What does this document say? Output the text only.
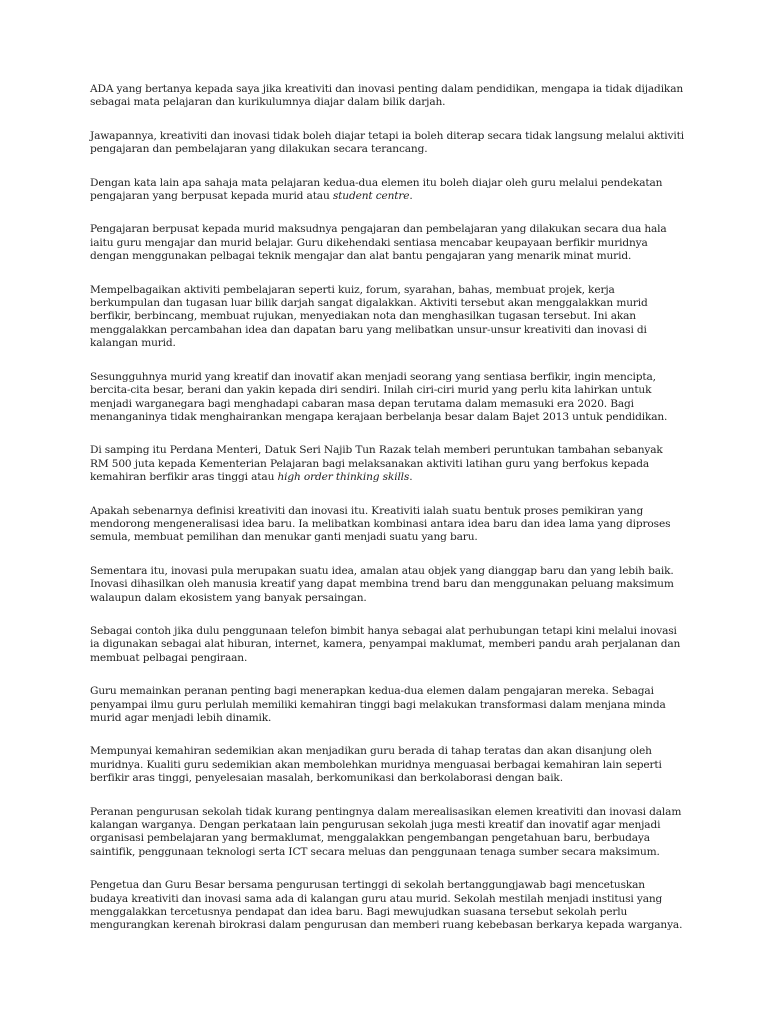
ADA yang bertanya kepada saya jika kreativiti dan inovasi penting dalam pendidikan, mengapa ia tidak dijadikan sebagai mata pelajaran dan kurikulumnya diajar dalam bilik darjah.

Jawapannya, kreativiti dan inovasi tidak boleh diajar tetapi ia boleh diterap secara tidak langsung melalui aktiviti pengajaran dan pembelajaran yang dilakukan secara terancang.

Dengan kata lain apa sahaja mata pelajaran kedua-dua elemen itu boleh diajar oleh guru melalui pendekatan pengajaran yang berpusat kepada murid atau student centre.

Pengajaran berpusat kepada murid maksudnya pengajaran dan pembelajaran yang dilakukan secara dua hala iaitu guru mengajar dan murid belajar. Guru dikehendaki sentiasa mencabar keupayaan berfikir muridnya dengan menggunakan pelbagai teknik mengajar dan alat bantu pengajaran yang menarik minat murid.

Mempelbagaikan aktiviti pembelajaran seperti kuiz, forum, syarahan, bahas, membuat projek, kerja berkumpulan dan tugasan luar bilik darjah sangat digalakkan. Aktiviti tersebut akan menggalakkan murid berfikir, berbincang, membuat rujukan, menyediakan nota dan menghasilkan tugasan tersebut. Ini akan menggalakkan percambahan idea dan dapatan baru yang melibatkan unsur-unsur kreativiti dan inovasi di kalangan murid.

Sesungguhnya murid yang kreatif dan inovatif akan menjadi seorang yang sentiasa berfikir, ingin mencipta, bercita-cita besar, berani dan yakin kepada diri sendiri. Inilah ciri-ciri murid yang perlu kita lahirkan untuk menjadi warganegara bagi menghadapi cabaran masa depan terutama dalam memasuki era 2020. Bagi menanganinya tidak menghairankan mengapa kerajaan berbelanja besar dalam Bajet 2013 untuk pendidikan.

Di samping itu Perdana Menteri, Datuk Seri Najib Tun Razak telah memberi peruntukan tambahan sebanyak RM 500 juta kepada Kementerian Pelajaran bagi melaksanakan aktiviti latihan guru yang berfokus kepada kemahiran berfikir aras tinggi atau high order thinking skills.

Apakah sebenarnya definisi kreativiti dan inovasi itu. Kreativiti ialah suatu bentuk proses pemikiran yang mendorong mengeneralisasi idea baru. Ia melibatkan kombinasi antara idea baru dan idea lama yang diproses semula, membuat pemilihan dan menukar ganti menjadi suatu yang baru.

Sementara itu, inovasi pula merupakan suatu idea, amalan atau objek yang dianggap baru dan yang lebih baik. Inovasi dihasilkan oleh manusia kreatif yang dapat membina trend baru dan menggunakan peluang maksimum walaupun dalam ekosistem yang banyak persaingan.

Sebagai contoh jika dulu penggunaan telefon bimbit hanya sebagai alat perhubungan tetapi kini melalui inovasi ia digunakan sebagai alat hiburan, internet, kamera, penyampai maklumat, memberi pandu arah perjalanan dan membuat pelbagai pengiraan.

Guru memainkan peranan penting bagi menerapkan kedua-dua elemen dalam pengajaran mereka. Sebagai penyampai ilmu guru perlulah memiliki kemahiran tinggi bagi melakukan transformasi dalam menjana minda murid agar menjadi lebih dinamik.

Mempunyai kemahiran sedemikian akan menjadikan guru berada di tahap teratas dan akan disanjung oleh muridnya. Kualiti guru sedemikian akan membolehkan muridnya menguasai berbagai kemahiran lain seperti berfikir aras tinggi, penyelesaian masalah, berkomunikasi dan berkolaborasi dengan baik.

Peranan pengurusan sekolah tidak kurang pentingnya dalam merealisasikan elemen kreativiti dan inovasi dalam kalangan warganya. Dengan perkataan lain pengurusan sekolah juga mesti kreatif dan inovatif agar menjadi organisasi pembelajaran yang bermaklumat, menggalakkan pengembangan pengetahuan baru, berbudaya saintifik, penggunaan teknologi serta ICT secara meluas dan penggunaan tenaga sumber secara maksimum.

Pengetua dan Guru Besar bersama pengurusan tertinggi di sekolah bertanggungjawab bagi mencetuskan budaya kreativiti dan inovasi sama ada di kalangan guru atau murid. Sekolah mestilah menjadi institusi yang menggalakkan tercetusnya pendapat dan idea baru. Bagi mewujudkan suasana tersebut sekolah perlu mengurangkan kerenah birokrasi dalam pengurusan dan memberi ruang kebebasan berkarya kepada warganya.
